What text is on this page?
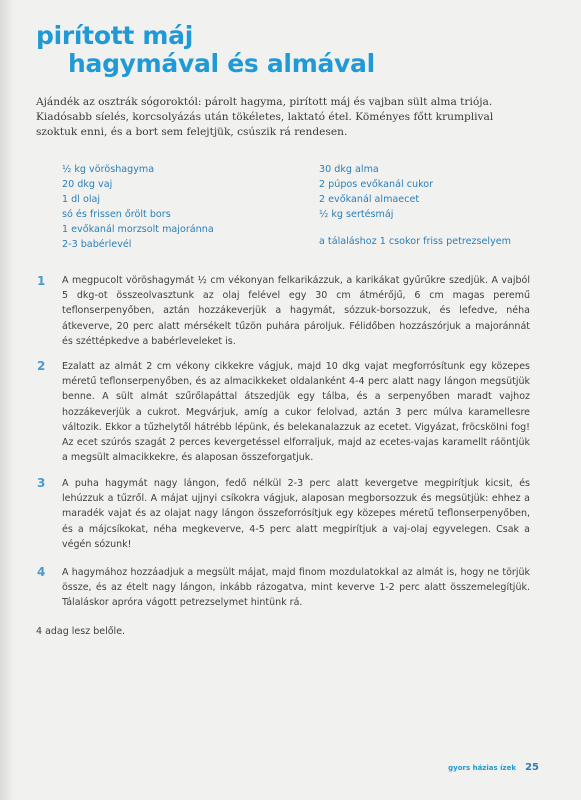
pirított máj
hagymával és almával

Ajándék az osztrák sógoroktól: párolt hagyma, pirított máj és vajban sült alma triója. Kiadósabb síelés, korcsolyázás után tökéletes, laktató étel. Köményes főtt krumplival szoktuk enni, és a bort sem felejtjük, csúszik rá rendesen.

½ kg vöröshagyma
20 dkg vaj
1 dl olaj
só és frissen őrölt bors
1 evőkanál morzsolt majoránna
2-3 babérlevél
30 dkg alma
2 púpos evőkanál cukor
2 evőkanál almaecet
½ kg sertésmáj

a tálaláshoz 1 csokor friss petrezselyem

1 A megpucolt vöröshagymát ½ cm vékonyan felkarikázzuk, a karikákat gyűrűkre szedjük. A vajból 5 dkg-ot összeolvasztunk az olaj felével egy 30 cm átmérőjű, 6 cm magas peremű teflonserpenyőben, aztán hozzákeverjük a hagymát, sózzuk-borsozzuk, és lefedve, néha átkeverve, 20 perc alatt mérsékelt tűzön puhára pároljuk. Félidőben hozzászórjuk a majoránnát és széttépkedve a babérleveleket is.

2 Ezalatt az almát 2 cm vékony cikkekre vágjuk, majd 10 dkg vajat megforrósítunk egy közepes méretű teflonserpenyőben, és az almacikkeket oldalanként 4-4 perc alatt nagy lángon megsütjük benne. A sült almát szűrőlapáttal átszedjük egy tálba, és a serpenyőben maradt vajhoz hozzákeverjük a cukrot. Megvárjuk, amíg a cukor felolvad, aztán 3 perc múlva karamellesre változik. Ekkor a tűzhelytől hátrébb lépünk, és belekanalazzuk az ecetet. Vigyázat, fröcsköIni fog! Az ecet szúrós szagát 2 perces kevergetéssel elforraljuk, majd az ecetes-vajas karamellt ráöntjük a megsült almacikkekre, és alaposan összeforgatjuk.

3 A puha hagymát nagy lángon, fedő nélkül 2-3 perc alatt kevergetve megpirítjuk kicsit, és lehúzzuk a tűzről. A májat ujjnyi csíkokra vágjuk, alaposan megborsozzuk és megsütjük: ehhez a maradék vajat és az olajat nagy lángon összeforrósítjuk egy közepes méretű teflonserpenyőben, és a májcsíkokat, néha megkeverve, 4-5 perc alatt megpirítjuk a vaj-olaj egyvelegen. Csak a végén sózunk!

4 A hagymához hozzáadjuk a megsült májat, majd finom mozdulatokkal az almát is, hogy ne törjük össze, és az ételt nagy lángon, inkább rázogatva, mint keverve 1-2 perc alatt összemelegítjük. Tálaláskor apróra vágott petrezselymet hintünk rá.

4 adag lesz belőle.

gyors házias ízek 25
